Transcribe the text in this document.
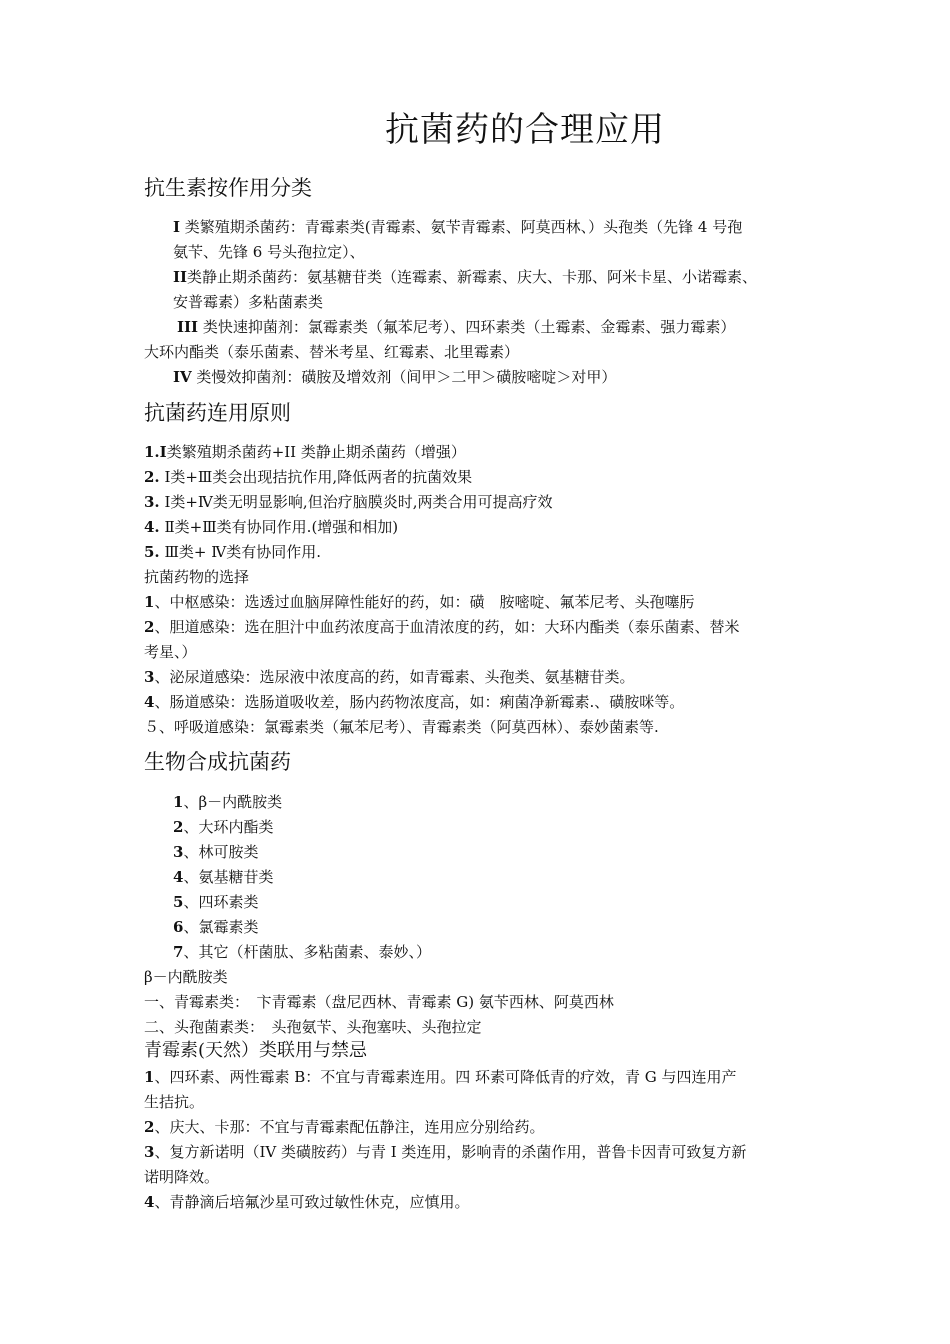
抗菌药的合理应用
抗生素按作用分类
I 类繁殖期杀菌药：青霉素类(青霉素、氨苄青霉素、阿莫西林、）头孢类（先锋 4 号孢
氨苄、先锋 6 号头孢拉定）、
II类静止期杀菌药：氨基糖苷类（连霉素、新霉素、庆大、卡那、阿米卡星、小诺霉素、
安普霉素）多粘菌素类
III 类快速抑菌剂：氯霉素类（氟苯尼考）、四环素类（土霉素、金霉素、强力霉素）
大环内酯类（泰乐菌素、替米考星、红霉素、北里霉素）
IV 类慢效抑菌剂：磺胺及增效剂（间甲＞二甲＞磺胺嘧啶＞对甲）
抗菌药连用原则
1.I类繁殖期杀菌药+II 类静止期杀菌药（增强）
2. Ⅰ类+Ⅲ类会出现拮抗作用,降低两者的抗菌效果
3. Ⅰ类+Ⅳ类无明显影响,但治疗脑膜炎时,两类合用可提高疗效
4. Ⅱ类+Ⅲ类有协同作用.(增强和相加)
5. Ⅲ类+ Ⅳ类有协同作用.
抗菌药物的选择
1、中枢感染：选透过血脑屏障性能好的药，如：磺　胺嘧啶、氟苯尼考、头孢噻肟
2、胆道感染：选在胆汁中血药浓度高于血清浓度的药，如：大环内酯类（泰乐菌素、替米
考星、）
3、泌尿道感染：选尿液中浓度高的药，如青霉素、头孢类、氨基糖苷类。
4、肠道感染：选肠道吸收差，肠内药物浓度高，如：痢菌净新霉素.、磺胺咪等。
５、呼吸道感染：氯霉素类（氟苯尼考）、青霉素类（阿莫西林）、泰妙菌素等.
生物合成抗菌药
1、β－内酰胺类
2、大环内酯类
3、林可胺类
4、氨基糖苷类
5、四环素类
6、氯霉素类
7、其它（杆菌肽、多粘菌素、泰妙、）
β－内酰胺类
一、青霉素类：　卞青霉素（盘尼西林、青霉素 G) 氨苄西林、阿莫西林
二、头孢菌素类：　头孢氨苄、头孢塞呋、头孢拉定
青霉素(天然）类联用与禁忌
1、四环素、两性霉素 B：不宜与青霉素连用。四 环素可降低青的疗效，青 G 与四连用产
生拮抗。
2、庆大、卡那：不宜与青霉素配伍静注，连用应分别给药。
3、复方新诺明（IV 类磺胺药）与青 I 类连用，影响青的杀菌作用，普鲁卡因青可致复方新
诺明降效。
4、青静滴后培氟沙星可致过敏性休克，应慎用。
